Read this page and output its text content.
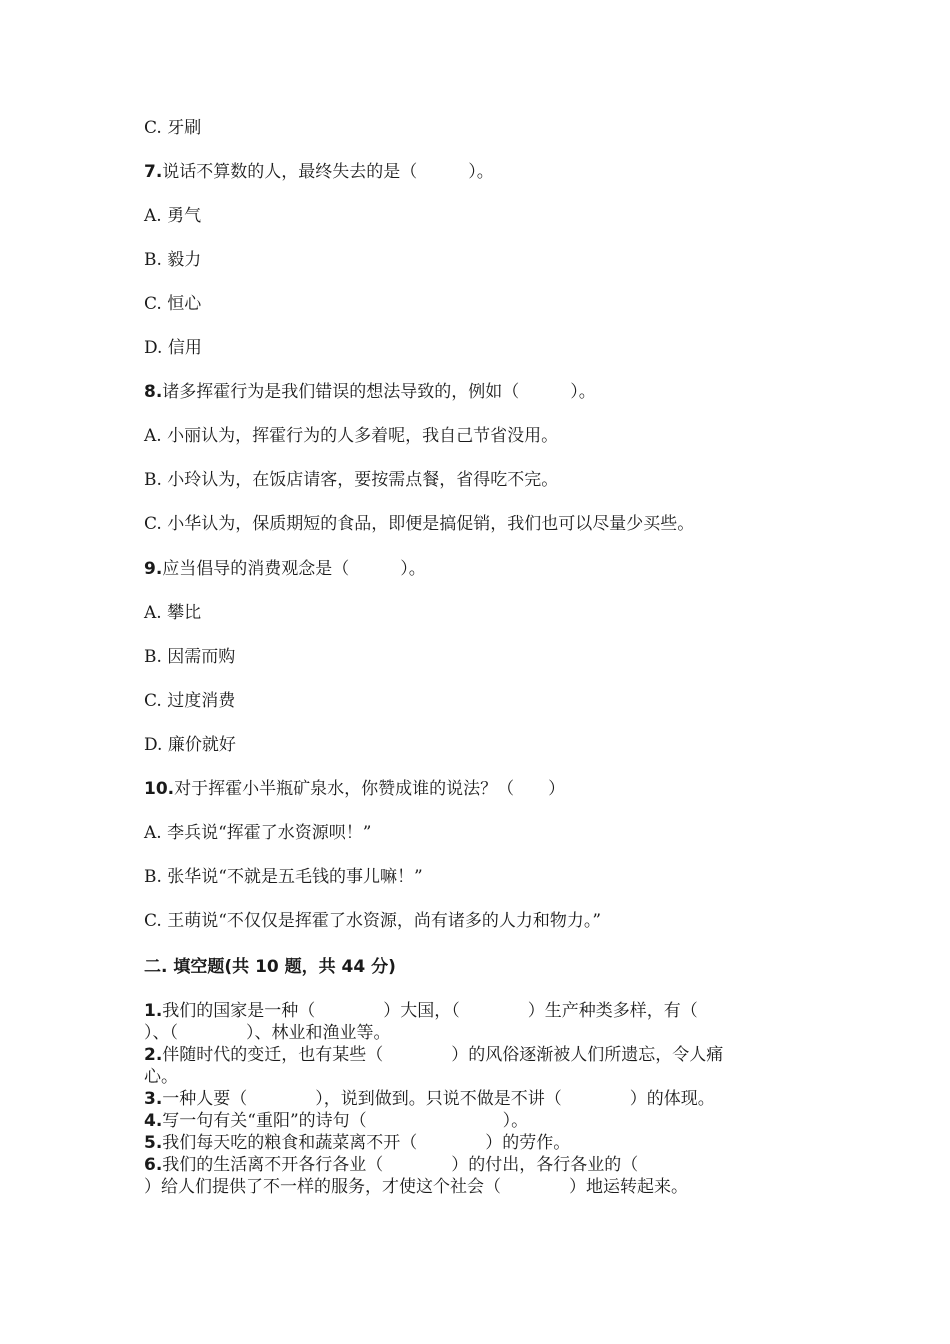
C. 牙刷
7.说话不算数的人，最终失去的是（　　　）。
A. 勇气
B. 毅力
C. 恒心
D. 信用
8.诸多挥霍行为是我们错误的想法导致的，例如（　　　）。
A. 小丽认为，挥霍行为的人多着呢，我自己节省没用。
B. 小玲认为，在饭店请客，要按需点餐，省得吃不完。
C. 小华认为，保质期短的食品，即便是搞促销，我们也可以尽量少买些。
9.应当倡导的消费观念是（　　　）。
A. 攀比
B. 因需而购
C. 过度消费
D. 廉价就好
10.对于挥霍小半瓶矿泉水，你赞成谁的说法？（　　）
A. 李兵说“挥霍了水资源呗！”
B. 张华说“不就是五毛钱的事儿嘛！”
C. 王萌说“不仅仅是挥霍了水资源，尚有诸多的人力和物力。”
二. 填空题(共 10 题，共 44 分)
1.我们的国家是一种（　　　　）大国，（　　　　）生产种类多样，有（
）、（　　　　）、林业和渔业等。
2.伴随时代的变迁，也有某些（　　　　）的风俗逐渐被人们所遗忘，令人痛
心。
3.一种人要（　　　　），说到做到。只说不做是不讲（　　　　）的体现。
4.写一句有关“重阳”的诗句（　　　　　　　　）。
5.我们每天吃的粮食和蔬菜离不开（　　　　）的劳作。
6.我们的生活离不开各行各业（　　　　）的付出，各行各业的（
）给人们提供了不一样的服务，才使这个社会（　　　　）地运转起来。
